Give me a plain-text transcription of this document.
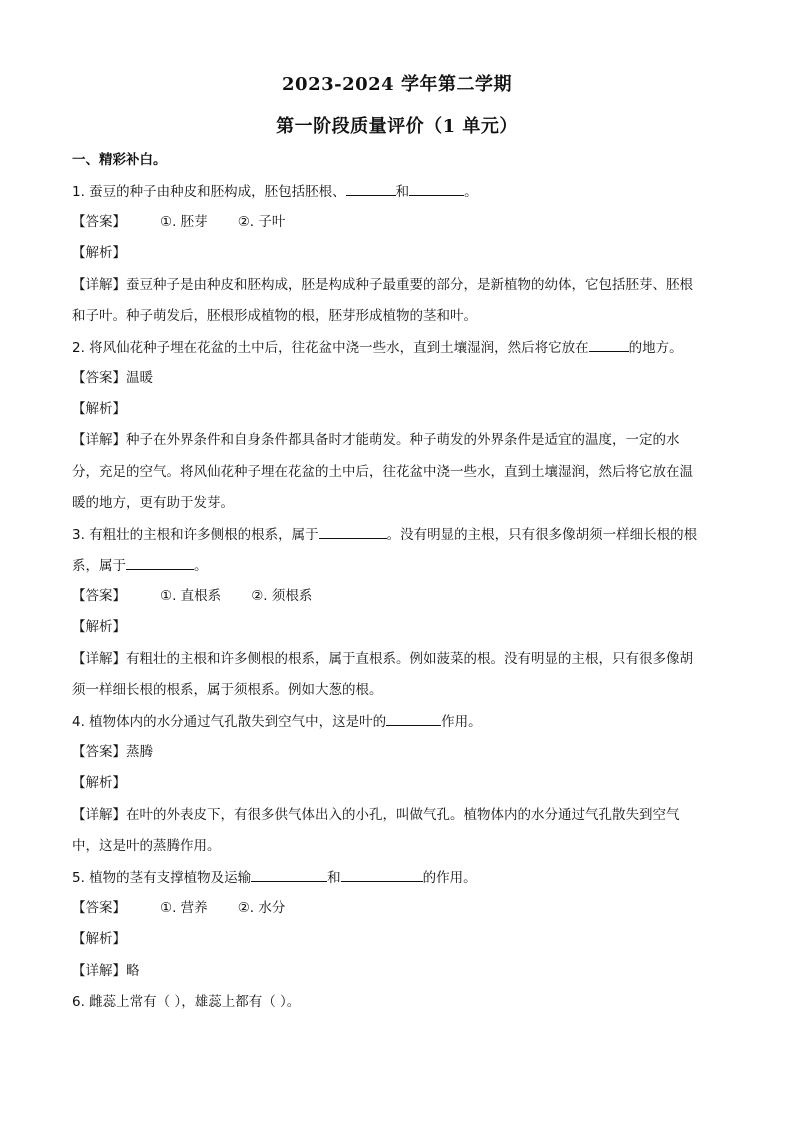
2023-2024 学年第二学期
第一阶段质量评价（1 单元）
一、精彩补白。
1. 蚕豆的种子由种皮和胚构成，胚包括胚根、	和	。
【答案】	①. 胚芽 ②. 子叶
【解析】
【详解】蚕豆种子是由种皮和胚构成，胚是构成种子最重要的部分，是新植物的幼体，它包括胚芽、胚根
和子叶。种子萌发后，胚根形成植物的根，胚芽形成植物的茎和叶。
2. 将风仙花种子埋在花盆的土中后，往花盆中浇一些水，直到土壤湿润，然后将它放在	的地方。
【答案】温暖
【解析】
【详解】种子在外界条件和自身条件都具备时才能萌发。种子萌发的外界条件是适宜的温度，一定的水
分，充足的空气。将风仙花种子埋在花盆的土中后，往花盆中浇一些水，直到土壤湿润，然后将它放在温
暖的地方，更有助于发芽。
3. 有粗壮的主根和许多侧根的根系，属于	。没有明显的主根，只有很多像胡须一样细长根的根
系，属于	。
【答案】	①. 直根系 ②. 须根系
【解析】
【详解】有粗壮的主根和许多侧根的根系，属于直根系。例如菠菜的根。没有明显的主根，只有很多像胡
须一样细长根的根系，属于须根系。例如大葱的根。
4. 植物体内的水分通过气孔散失到空气中，这是叶的	作用。
【答案】蒸腾
【解析】
【详解】在叶的外表皮下，有很多供气体出入的小孔，叫做气孔。植物体内的水分通过气孔散失到空气
中，这是叶的蒸腾作用。
5. 植物的茎有支撑植物及运输	和	的作用。
【答案】	①. 营养 ②. 水分
【解析】
【详解】略
6. 雌蕊上常有（ ），雄蕊上都有（ ）。
